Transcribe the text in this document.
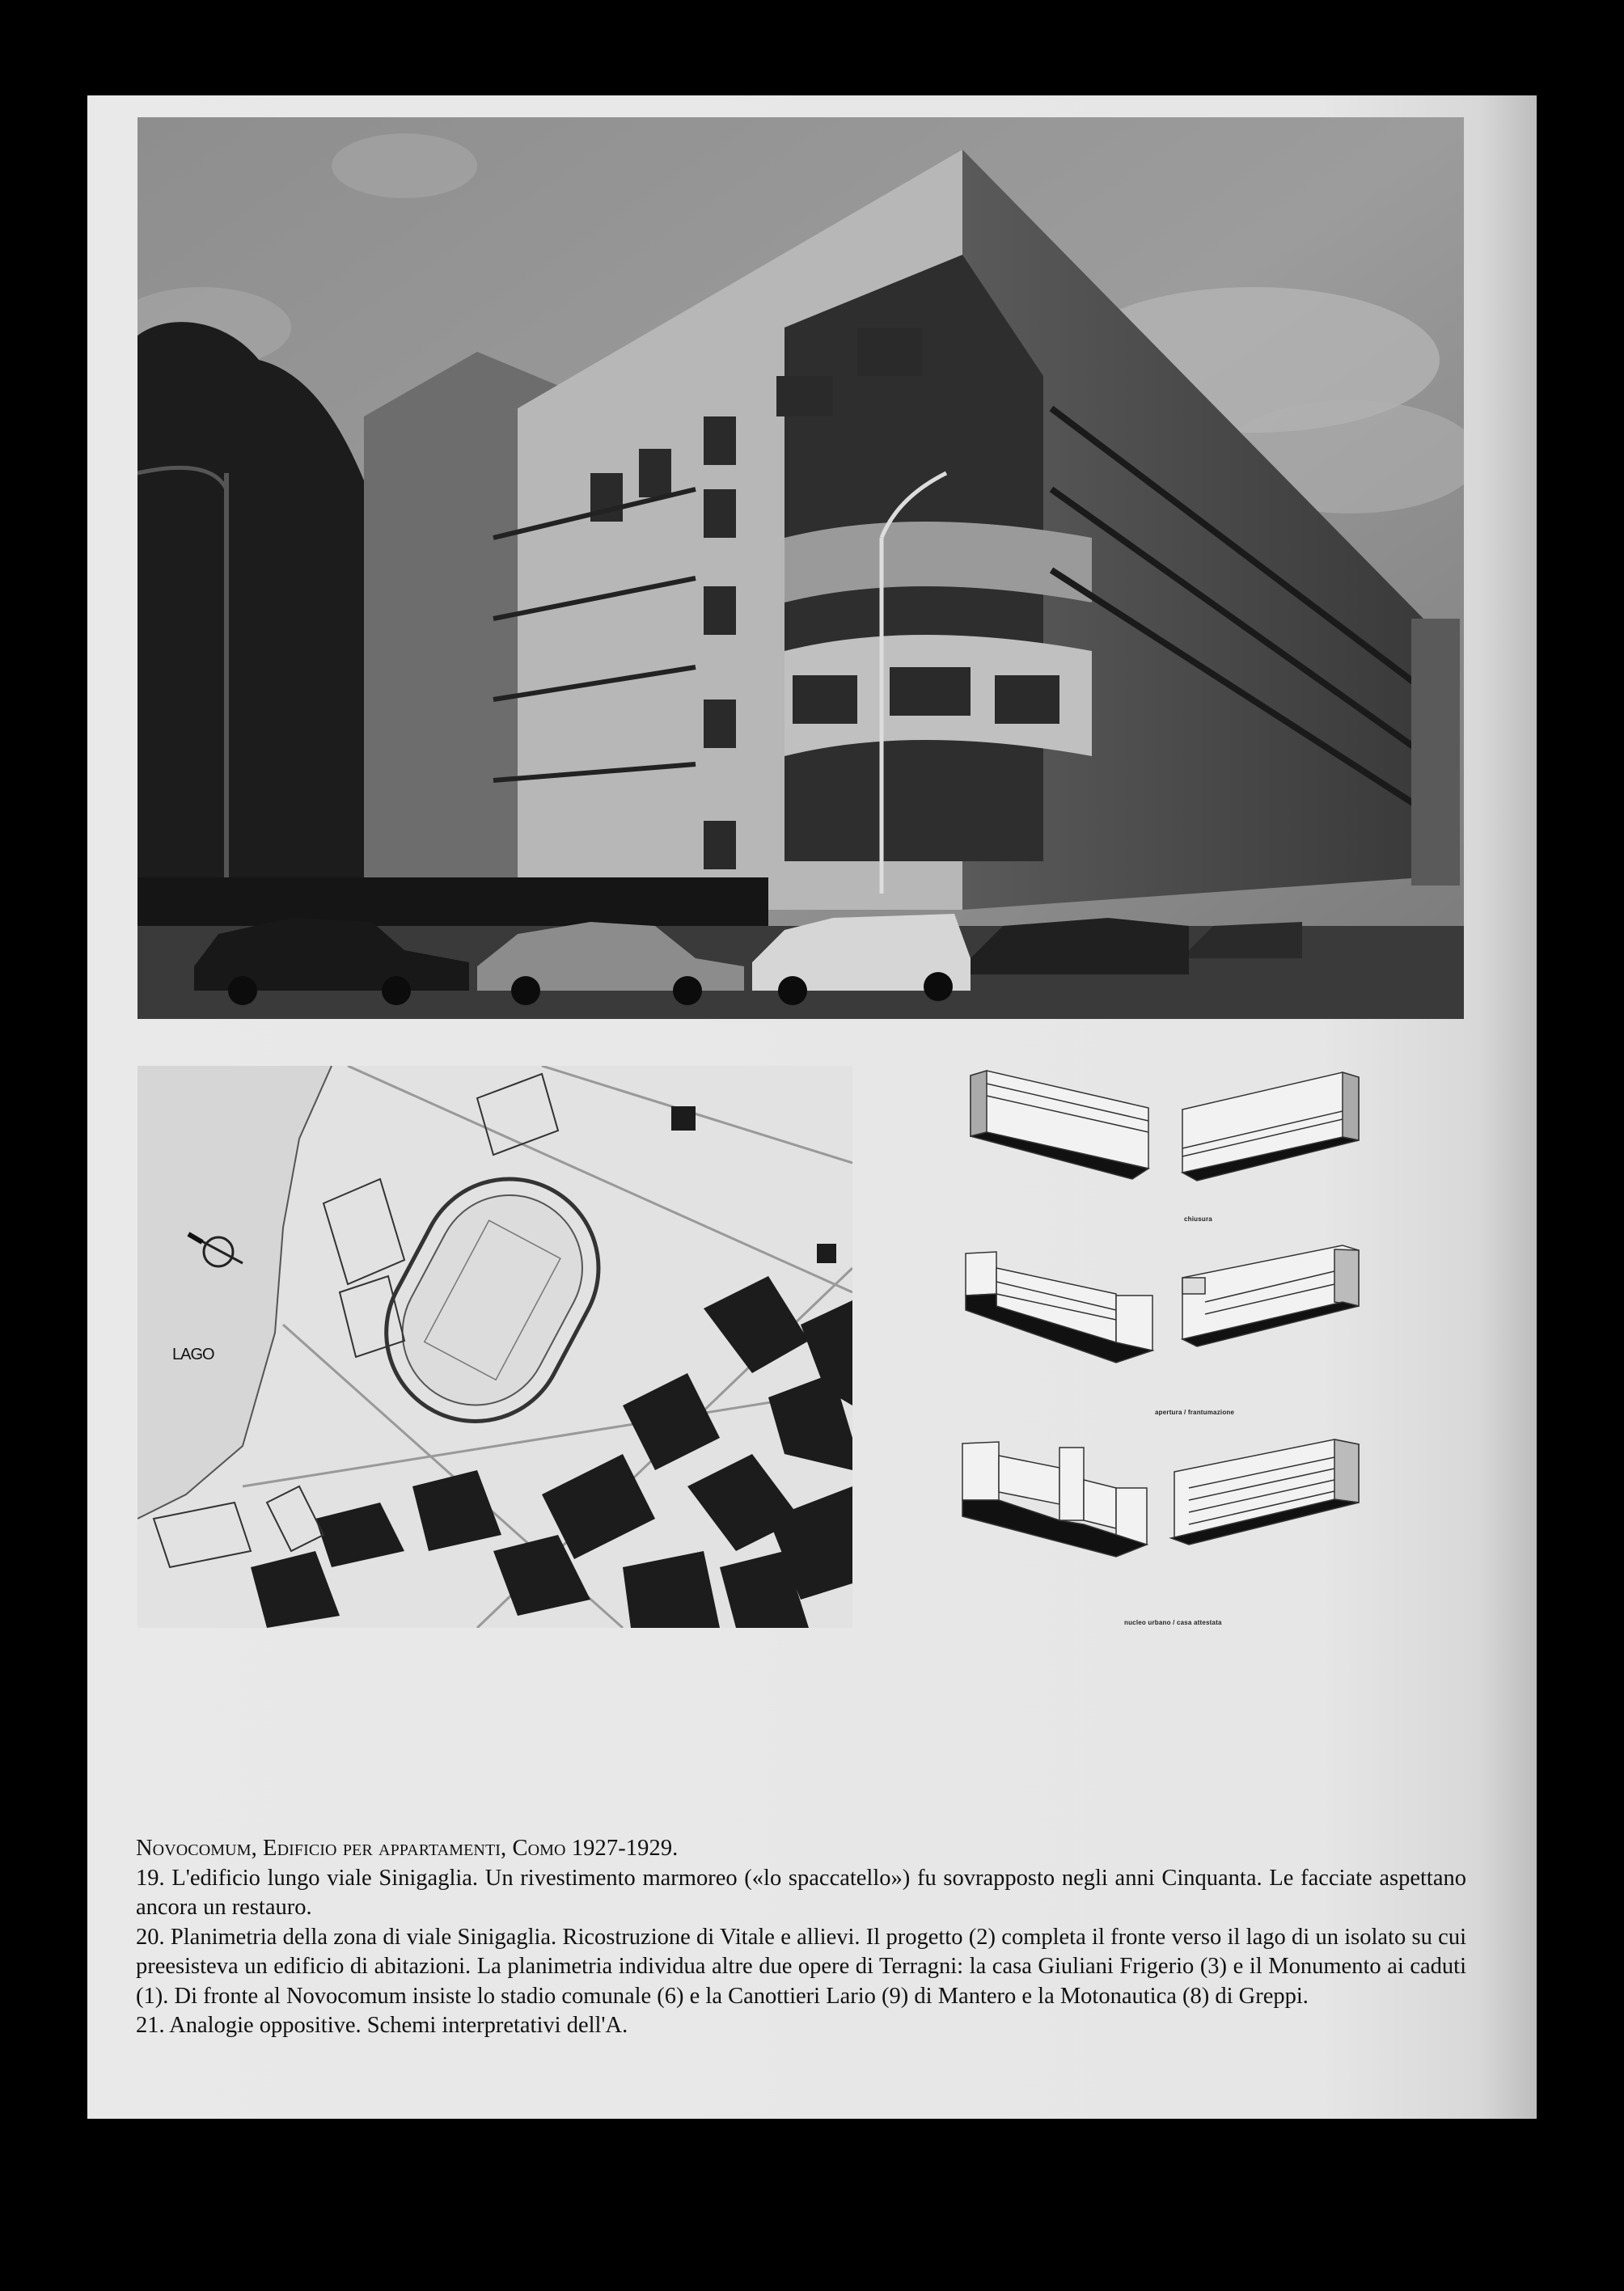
LAGO
chiusura
apertura / frantumazione
nucleo urbano / casa attestata

Novocomum, Edificio per appartamenti, Como 1927-1929.

19. L'edificio lungo viale Sinigaglia. Un rivestimento marmoreo («lo spaccatello») fu sovrapposto negli anni Cinquanta. Le facciate aspettano ancora un restauro.

20. Planimetria della zona di viale Sinigaglia. Ricostruzione di Vitale e allievi. Il progetto (2) completa il fronte verso il lago di un isolato su cui preesisteva un edificio di abitazioni. La planimetria individua altre due opere di Terragni: la casa Giuliani Frigerio (3) e il Monumento ai caduti (1). Di fronte al Novocomum insiste lo stadio comunale (6) e la Canottieri Lario (9) di Mantero e la Motonautica (8) di Greppi.

21. Analogie oppositive. Schemi interpretativi dell'A.
